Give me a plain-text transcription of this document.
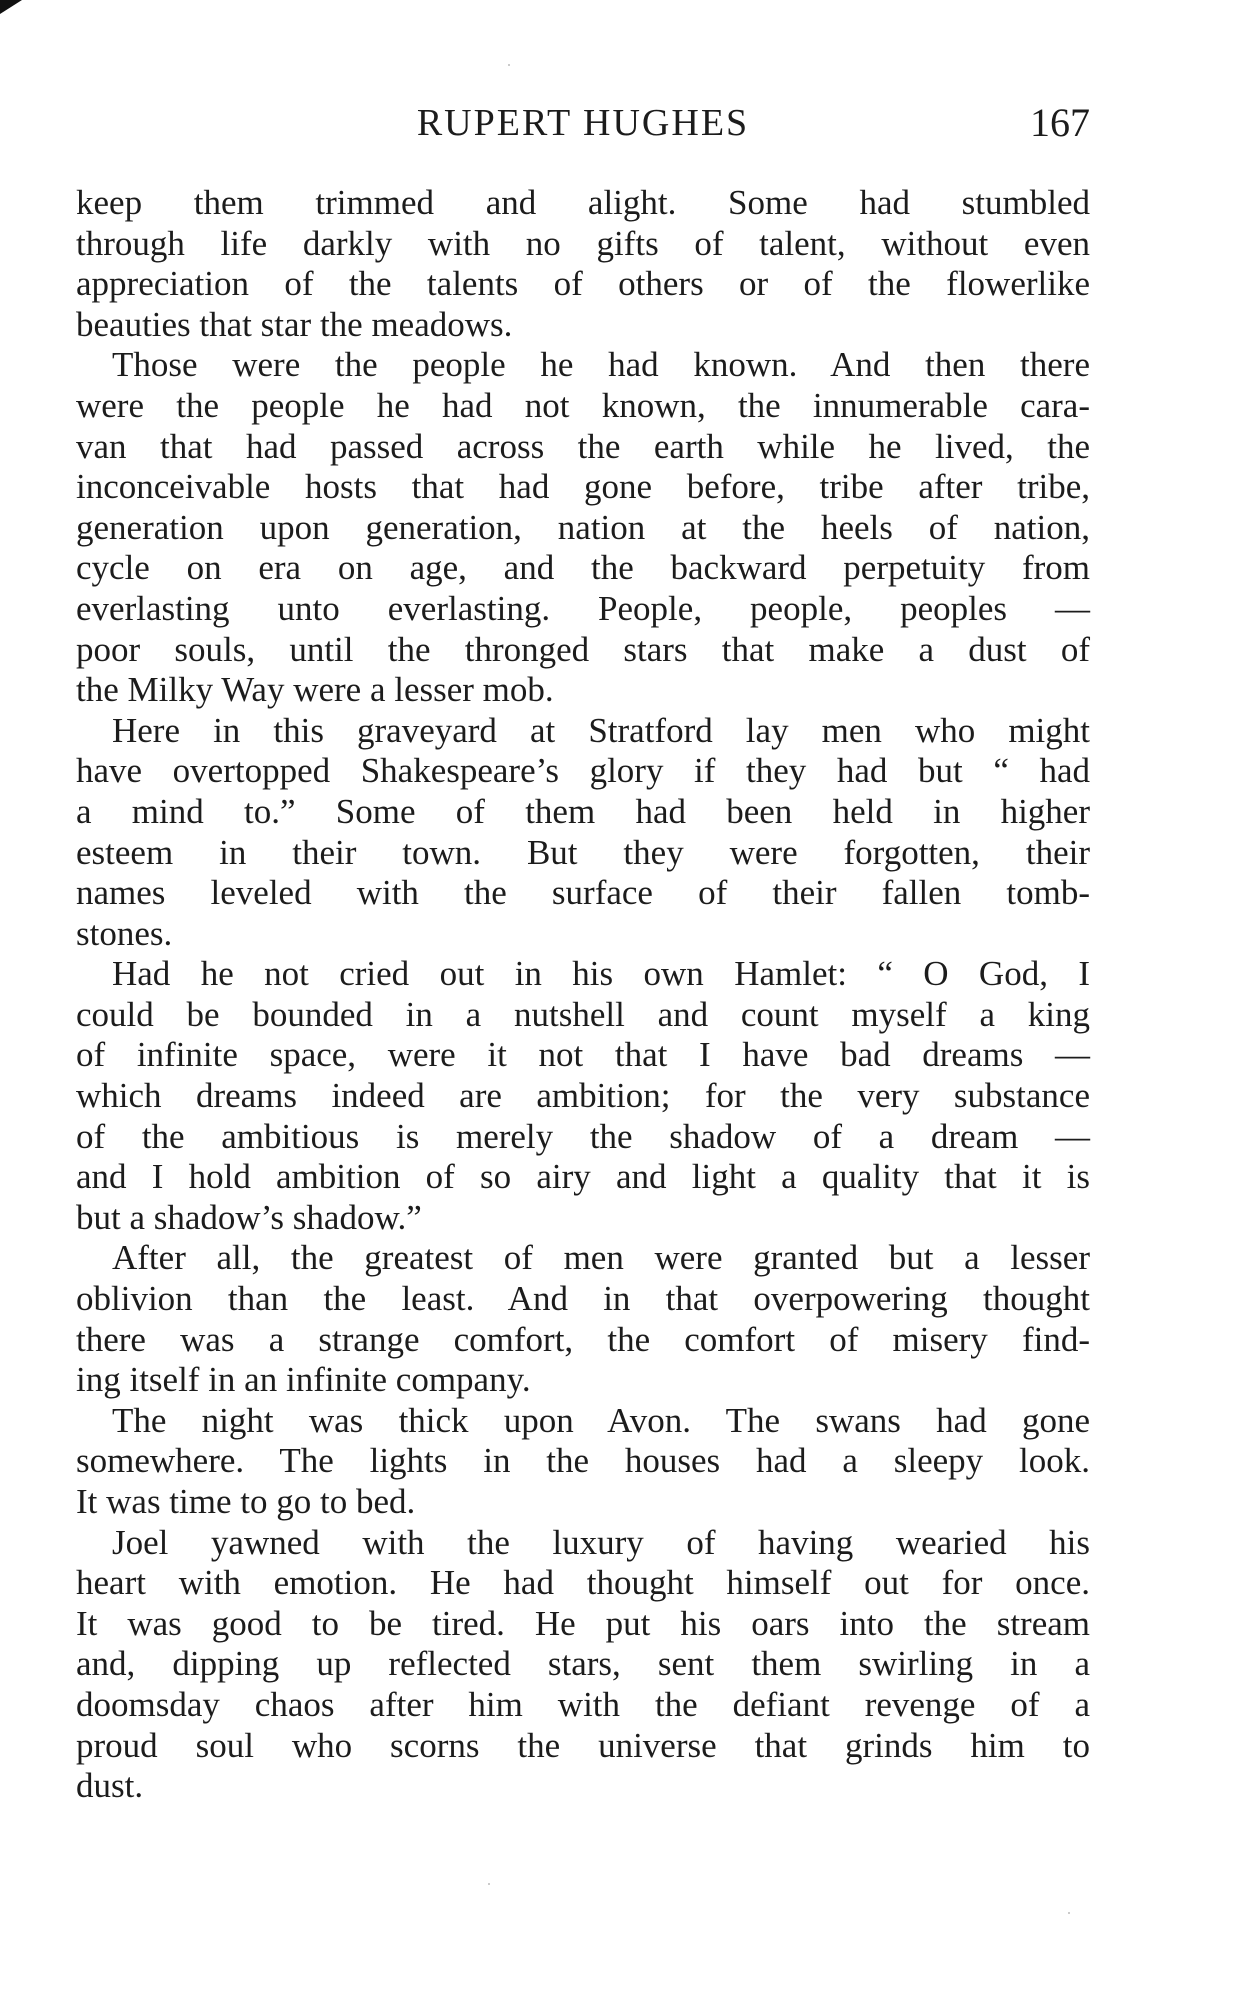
RUPERT HUGHES	167
keep them trimmed and alight. Some had stumbled
through life darkly with no gifts of talent, without even
appreciation of the talents of others or of the flowerlike
beauties that star the meadows.
Those were the people he had known. And then there
were the people he had not known, the innumerable cara-
van that had passed across the earth while he lived, the
inconceivable hosts that had gone before, tribe after tribe,
generation upon generation, nation at the heels of nation,
cycle on era on age, and the backward perpetuity from
everlasting unto everlasting. People, people, peoples —
poor souls, until the thronged stars that make a dust of
the Milky Way were a lesser mob.
Here in this graveyard at Stratford lay men who might
have overtopped Shakespeare’s glory if they had but “ had
a mind to.” Some of them had been held in higher
esteem in their town. But they were forgotten, their
names leveled with the surface of their fallen tomb-
stones.
Had he not cried out in his own Hamlet: “ O God, I
could be bounded in a nutshell and count myself a king
of infinite space, were it not that I have bad dreams —
which dreams indeed are ambition; for the very substance
of the ambitious is merely the shadow of a dream —
and I hold ambition of so airy and light a quality that it is
but a shadow’s shadow.”
After all, the greatest of men were granted but a lesser
oblivion than the least. And in that overpowering thought
there was a strange comfort, the comfort of misery find-
ing itself in an infinite company.
The night was thick upon Avon. The swans had gone
somewhere. The lights in the houses had a sleepy look.
It was time to go to bed.
Joel yawned with the luxury of having wearied his
heart with emotion. He had thought himself out for once.
It was good to be tired. He put his oars into the stream
and, dipping up reflected stars, sent them swirling in a
doomsday chaos after him with the defiant revenge of a
proud soul who scorns the universe that grinds him to
dust.
